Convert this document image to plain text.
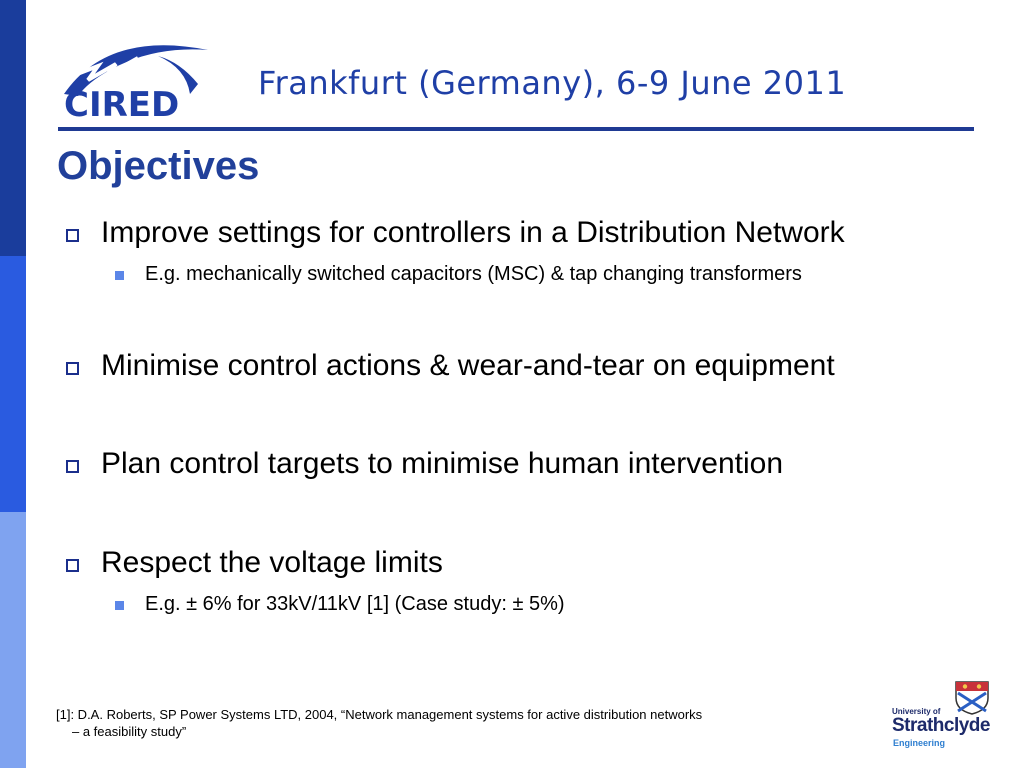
CIRED
Frankfurt (Germany), 6-9 June 2011
Objectives
Improve settings for controllers in a Distribution Network
E.g. mechanically switched capacitors (MSC) & tap changing transformers
Minimise control actions & wear-and-tear on equipment
Plan control targets to minimise human intervention
Respect the voltage limits
E.g. ± 6% for 33kV/11kV [1] (Case study: ± 5%)
[1]: D.A. Roberts, SP Power Systems LTD, 2004, “Network management systems for active distribution networks
– a feasibility study”
University of
Strathclyde
Engineering
